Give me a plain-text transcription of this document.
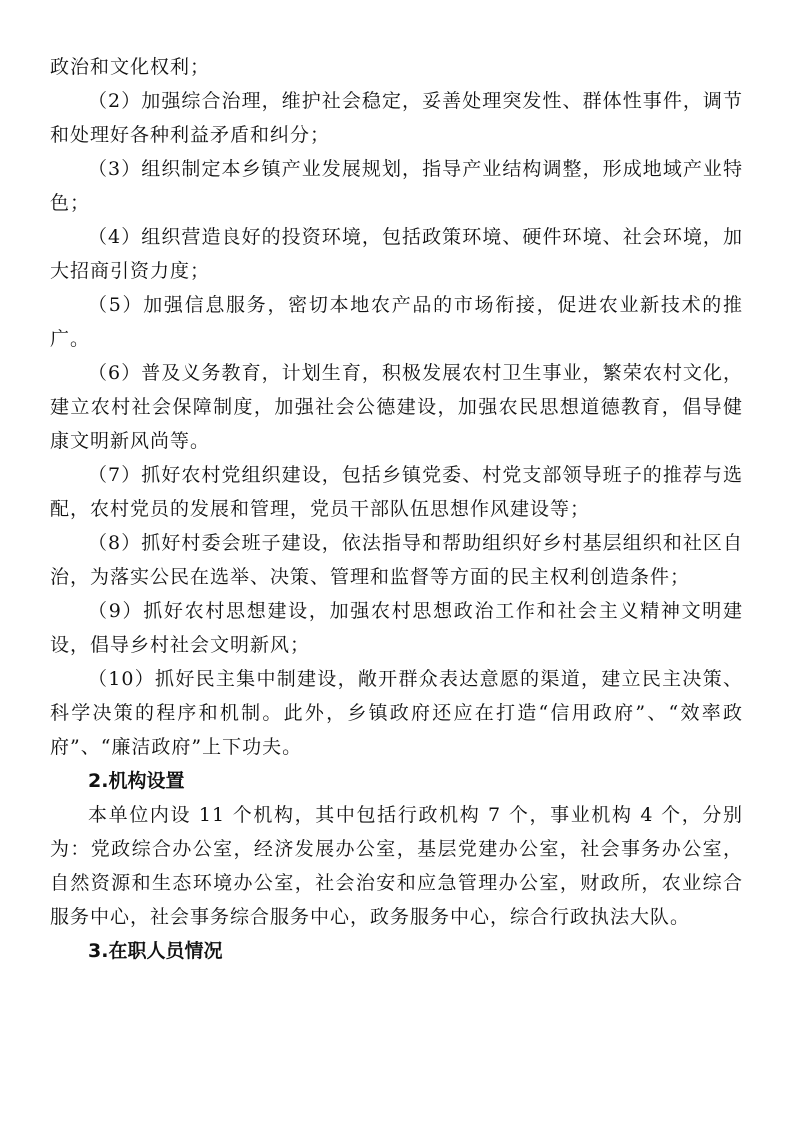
政治和文化权利；

（2）加强综合治理，维护社会稳定，妥善处理突发性、群体性事件，调节和处理好各种利益矛盾和纠分；

（3）组织制定本乡镇产业发展规划，指导产业结构调整，形成地域产业特色；

（4）组织营造良好的投资环境，包括政策环境、硬件环境、社会环境，加大招商引资力度；

（5）加强信息服务，密切本地农产品的市场衔接，促进农业新技术的推广。

（6）普及义务教育，计划生育，积极发展农村卫生事业，繁荣农村文化，建立农村社会保障制度，加强社会公德建设，加强农民思想道德教育，倡导健康文明新风尚等。

（7）抓好农村党组织建设，包括乡镇党委、村党支部领导班子的推荐与选配，农村党员的发展和管理，党员干部队伍思想作风建设等；

（8）抓好村委会班子建设，依法指导和帮助组织好乡村基层组织和社区自治，为落实公民在选举、决策、管理和监督等方面的民主权利创造条件；

（9）抓好农村思想建设，加强农村思想政治工作和社会主义精神文明建设，倡导乡村社会文明新风；

（10）抓好民主集中制建设，敞开群众表达意愿的渠道，建立民主决策、科学决策的程序和机制。此外，乡镇政府还应在打造“信用政府”、“效率政府”、“廉洁政府”上下功夫。

2.机构设置

本单位内设 11 个机构，其中包括行政机构 7 个，事业机构 4 个，分别为：党政综合办公室，经济发展办公室，基层党建办公室，社会事务办公室，自然资源和生态环境办公室，社会治安和应急管理办公室，财政所，农业综合服务中心，社会事务综合服务中心，政务服务中心，综合行政执法大队。

3.在职人员情况
